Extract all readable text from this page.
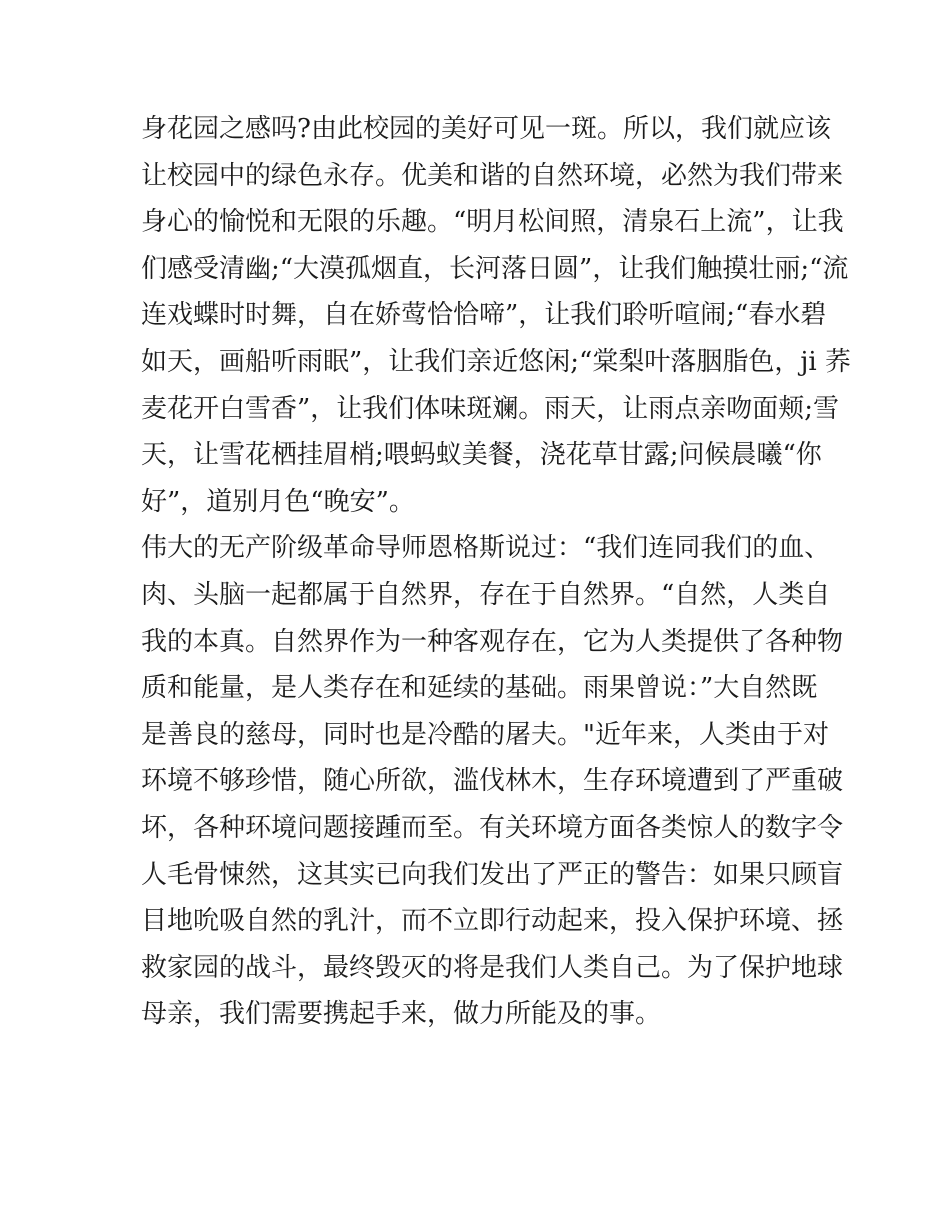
身花园之感吗?由此校园的美好可见一斑。所以，我们就应该
让校园中的绿色永存。优美和谐的自然环境，必然为我们带来
身心的愉悦和无限的乐趣。“明月松间照，清泉石上流”，让我
们感受清幽;“大漠孤烟直，长河落日圆”，让我们触摸壮丽;“流
连戏蝶时时舞，自在娇莺恰恰啼”，让我们聆听喧闹;“春水碧
如天，画船听雨眠”，让我们亲近悠闲;“棠梨叶落胭脂色，ji 荞
麦花开白雪香”，让我们体味斑斓。雨天，让雨点亲吻面颊;雪
天，让雪花栖挂眉梢;喂蚂蚁美餐，浇花草甘露;问候晨曦“你
好”，道别月色“晚安”。
伟大的无产阶级革命导师恩格斯说过：“我们连同我们的血、
肉、头脑一起都属于自然界，存在于自然界。“自然，人类自
我的本真。自然界作为一种客观存在，它为人类提供了各种物
质和能量，是人类存在和延续的基础。雨果曾说：”大自然既
是善良的慈母，同时也是冷酷的屠夫。"近年来，人类由于对
环境不够珍惜，随心所欲，滥伐林木，生存环境遭到了严重破
坏，各种环境问题接踵而至。有关环境方面各类惊人的数字令
人毛骨悚然，这其实已向我们发出了严正的警告：如果只顾盲
目地吮吸自然的乳汁，而不立即行动起来，投入保护环境、拯
救家园的战斗，最终毁灭的将是我们人类自己。为了保护地球
母亲，我们需要携起手来，做力所能及的事。
